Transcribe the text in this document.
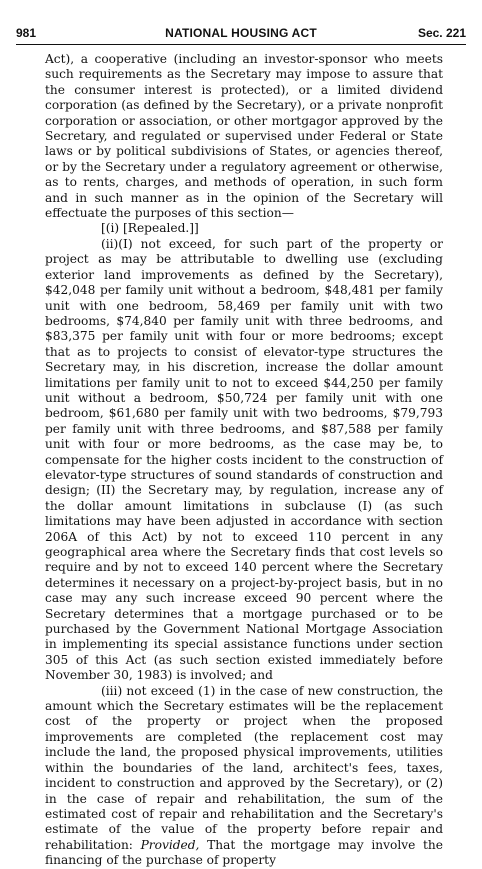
981	NATIONAL HOUSING ACT	Sec. 221

Act), a cooperative (including an investor-sponsor who meets such requirements as the Secretary may impose to assure that the consumer interest is protected), or a limited dividend corporation (as defined by the Secretary), or a private nonprofit corporation or association, or other mortgagor approved by the Secretary, and regulated or supervised under Federal or State laws or by political subdivisions of States, or agencies thereof, or by the Secretary under a regulatory agreement or otherwise, as to rents, charges, and methods of operation, in such form and in such manner as in the opinion of the Secretary will effectuate the purposes of this section—

[(i) [Repealed.]]

(ii)(I) not exceed, for such part of the property or project as may be attributable to dwelling use (excluding exterior land improvements as defined by the Secretary), $42,048 per family unit without a bedroom, $48,481 per family unit with one bedroom, 58,469 per family unit with two bedrooms, $74,840 per family unit with three bedrooms, and $83,375 per family unit with four or more bedrooms; except that as to projects to consist of elevator-type structures the Secretary may, in his discretion, increase the dollar amount limitations per family unit to not to exceed $44,250 per family unit without a bedroom, $50,724 per family unit with one bedroom, $61,680 per family unit with two bedrooms, $79,793 per family unit with three bedrooms, and $87,588 per family unit with four or more bedrooms, as the case may be, to compensate for the higher costs incident to the construction of elevator-type structures of sound standards of construction and design; (II) the Secretary may, by regulation, increase any of the dollar amount limitations in subclause (I) (as such limitations may have been adjusted in accordance with section 206A of this Act) by not to exceed 110 percent in any geographical area where the Secretary finds that cost levels so require and by not to exceed 140 percent where the Secretary determines it necessary on a project-by-project basis, but in no case may any such increase exceed 90 percent where the Secretary determines that a mortgage purchased or to be purchased by the Government National Mortgage Association in implementing its special assistance functions under section 305 of this Act (as such section existed immediately before November 30, 1983) is involved; and

(iii) not exceed (1) in the case of new construction, the amount which the Secretary estimates will be the replacement cost of the property or project when the proposed improvements are completed (the replacement cost may include the land, the proposed physical improvements, utilities within the boundaries of the land, architect's fees, taxes, incident to construction and approved by the Secretary), or (2) in the case of repair and rehabilitation, the sum of the estimated cost of repair and rehabilitation and the Secretary's estimate of the value of the property before repair and rehabilitation: Provided, That the mortgage may involve the financing of the purchase of property
